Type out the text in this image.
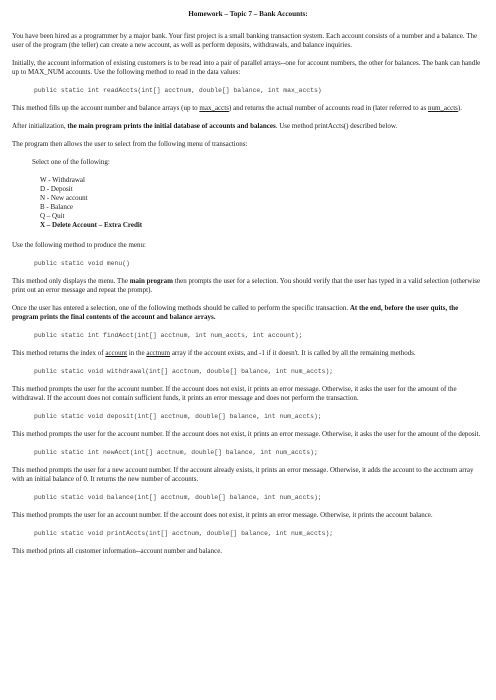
Homework – Topic 7 – Bank Accounts:

You have been hired as a programmer by a major bank. Your first project is a small banking transaction system. Each account consists of a number and a balance. The user of the program (the teller) can create a new account, as well as perform deposits, withdrawals, and balance inquiries.

Initially, the account information of existing customers is to be read into a pair of parallel arrays--one for account numbers, the other for balances. The bank can handle up to MAX_NUM accounts. Use the following method to read in the data values:

public static int readAccts(int[] acctnum, double[] balance, int max_accts)

This method fills up the account number and balance arrays (up to max_accts) and returns the actual number of accounts read in (later referred to as num_accts).

After initialization, the main program prints the initial database of accounts and balances. Use method printAccts() described below.

The program then allows the user to select from the following menu of transactions:

Select one of the following:
W - Withdrawal
D - Deposit
N - New account
B - Balance
Q – Quit
X – Delete Account – Extra Credit

Use the following method to produce the menu:

public static void menu()

This method only displays the menu. The main program then prompts the user for a selection. You should verify that the user has typed in a valid selection (otherwise print out an error message and repeat the prompt).

Once the user has entered a selection, one of the following methods should be called to perform the specific transaction. At the end, before the user quits, the program prints the final contents of the account and balance arrays.

public static int findAcct(int[] acctnum, int num_accts, int account);

This method returns the index of account in the acctnum array if the account exists, and -1 if it doesn't. It is called by all the remaining methods.

public static void withdrawal(int[] acctnum, double[] balance, int num_accts);

This method prompts the user for the account number. If the account does not exist, it prints an error message. Otherwise, it asks the user for the amount of the withdrawal. If the account does not contain sufficient funds, it prints an error message and does not perform the transaction.

public static void deposit(int[] acctnum, double[] balance, int num_accts);

This method prompts the user for the account number. If the account does not exist, it prints an error message. Otherwise, it asks the user for the amount of the deposit.

public static int newAcct(int[] acctnum, double[] balance, int num_accts);

This method prompts the user for a new account number. If the account already exists, it prints an error message. Otherwise, it adds the account to the acctnum array with an initial balance of 0. It returns the new number of accounts.

public static void balance(int[] acctnum, double[] balance, int num_accts);

This method prompts the user for an account number. If the account does not exist, it prints an error message. Otherwise, it prints the account balance.

public static void printAccts(int[] acctnum, double[] balance, int num_accts);

This method prints all customer information--account number and balance.
